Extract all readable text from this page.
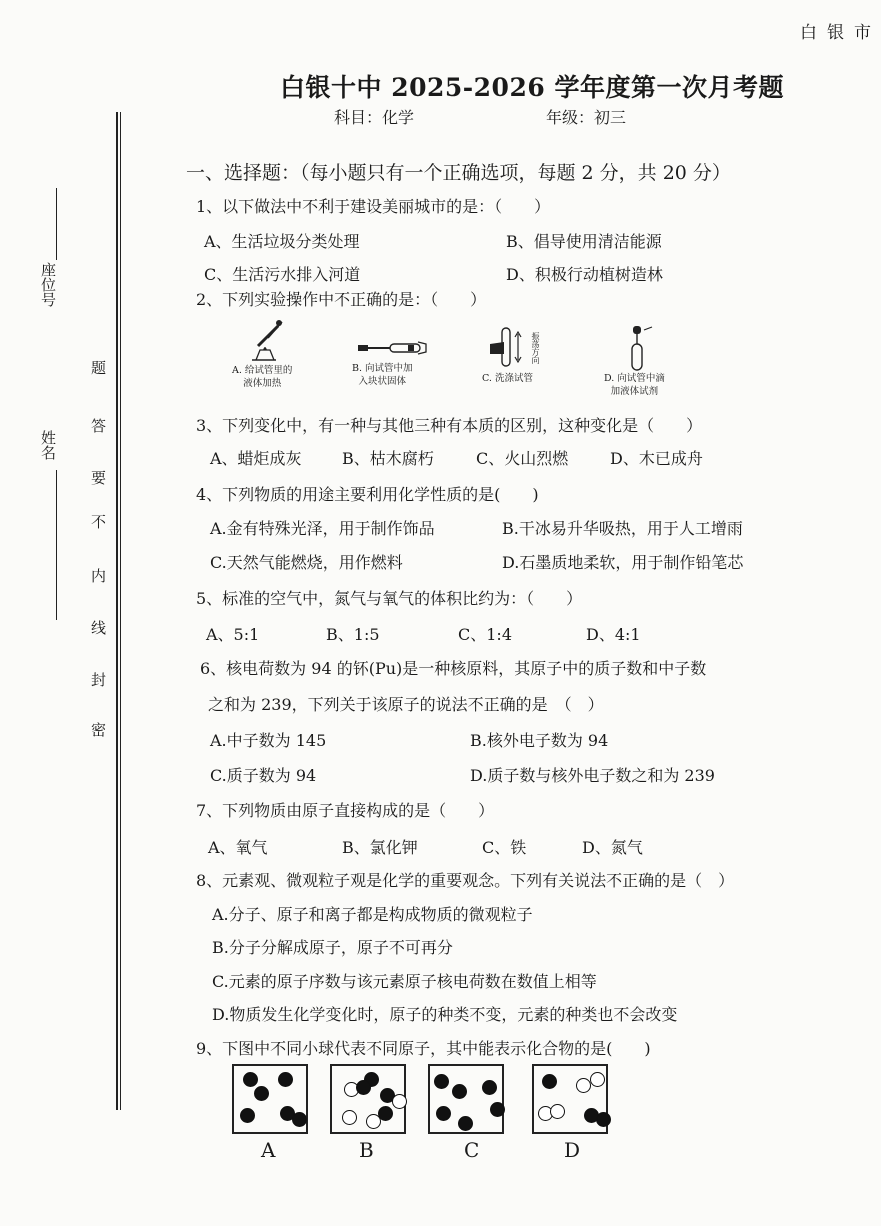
白银市
白银十中 2025-2026 学年度第一次月考题
科目：化学	年级：初三
座位号
姓名
题
答
要
不
内
线
封
密
一、选择题：（每小题只有一个正确选项，每题 2 分，共 20 分）
1、以下做法中不利于建设美丽城市的是：（　　）
A、生活垃圾分类处理	B、倡导使用清洁能源
C、生活污水排入河道	D、积极行动植树造林
2、下列实验操作中不正确的是：（　　）
A. 给试管里的
液体加热
B. 向试管中加
入块状固体
振荡方向
C. 洗涤试管	D. 向试管中滴
加液体试剂
3、下列变化中，有一种与其他三种有本质的区别，这种变化是（　　）
A、蜡炬成灰	B、枯木腐朽	C、火山烈燃	D、木已成舟
4、下列物质的用途主要利用化学性质的是(　　)
A.金有特殊光泽，用于制作饰品	B.干冰易升华吸热，用于人工增雨
C.天然气能燃烧，用作燃料	D.石墨质地柔软，用于制作铅笔芯
5、标准的空气中，氮气与氧气的体积比约为：（　　）
A、5:1	B、1:5	C、1:4	D、4:1
6、核电荷数为 94 的钚(Pu)是一种核原料，其原子中的质子数和中子数
之和为 239，下列关于该原子的说法不正确的是　（　）
A.中子数为 145	B.核外电子数为 94
C.质子数为 94	D.质子数与核外电子数之和为 239
7、下列物质由原子直接构成的是（　　）
A、氧气	B、氯化钾	C、铁	D、氮气
8、元素观、微观粒子观是化学的重要观念。下列有关说法不正确的是（　）
A.分子、原子和离子都是构成物质的微观粒子
B.分子分解成原子，原子不可再分
C.元素的原子序数与该元素原子核电荷数在数值上相等
D.物质发生化学变化时，原子的种类不变，元素的种类也不会改变
9、下图中不同小球代表不同原子，其中能表示化合物的是(　　)
A	B	C	D
